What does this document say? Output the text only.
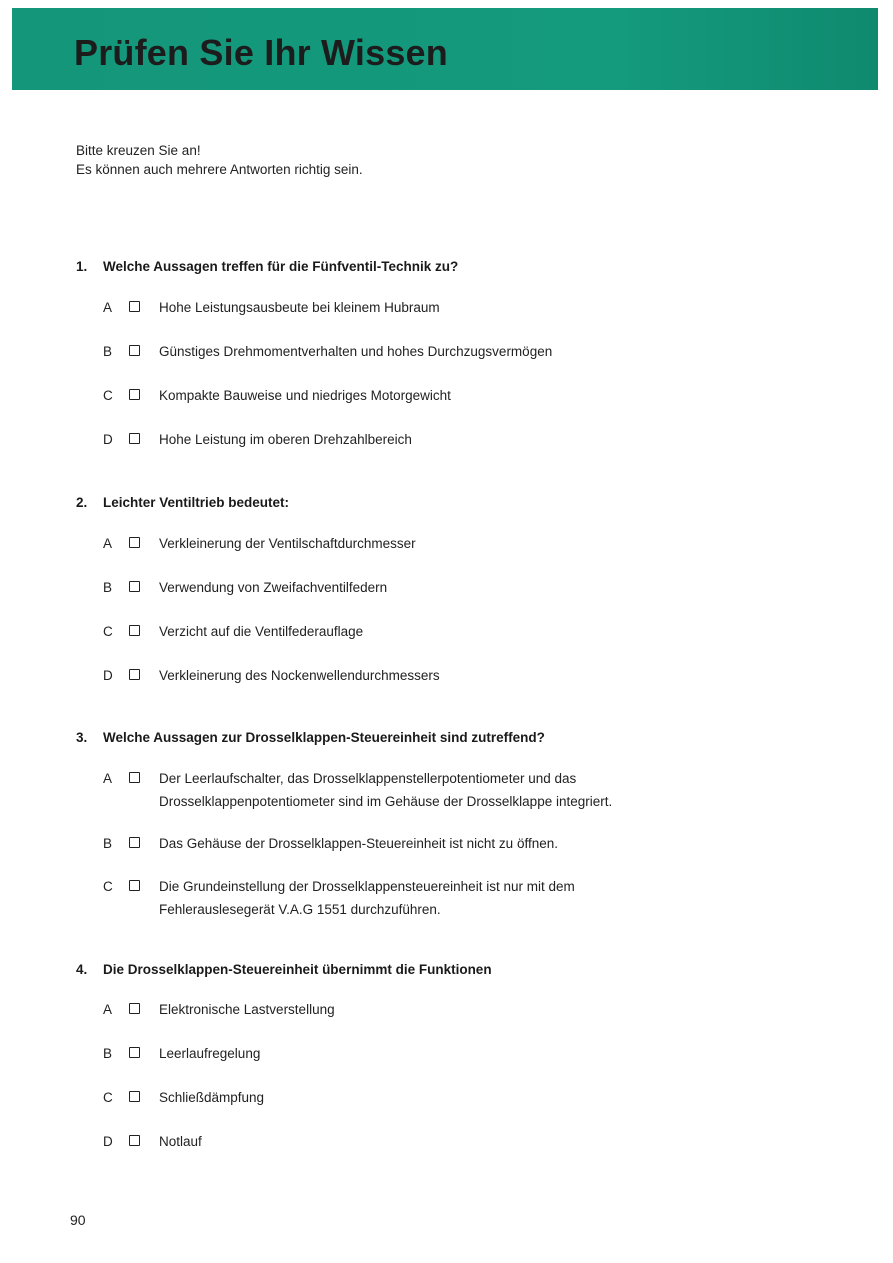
Prüfen Sie Ihr Wissen
Bitte kreuzen Sie an!
Es können auch mehrere Antworten richtig sein.
1. Welche Aussagen treffen für die Fünfventil-Technik zu?
A	Hohe Leistungsausbeute bei kleinem Hubraum
B	Günstiges Drehmomentverhalten und hohes Durchzugsvermögen
C	Kompakte Bauweise und niedriges Motorgewicht
D	Hohe Leistung im oberen Drehzahlbereich
2. Leichter Ventiltrieb bedeutet:
A	Verkleinerung der Ventilschaftdurchmesser
B	Verwendung von Zweifachventilfedern
C	Verzicht auf die Ventilfederauflage
D	Verkleinerung des Nockenwellendurchmessers
3. Welche Aussagen zur Drosselklappen-Steuereinheit sind zutreffend?
A	Der Leerlaufschalter, das Drosselklappenstellerpotentiometer und das
Drosselklappenpotentiometer sind im Gehäuse der Drosselklappe integriert.
B	Das Gehäuse der Drosselklappen-Steuereinheit ist nicht zu öffnen.
C	Die Grundeinstellung der Drosselklappensteuereinheit ist nur mit dem
Fehlerauslesegerät V.A.G 1551 durchzuführen.
4. Die Drosselklappen-Steuereinheit übernimmt die Funktionen
A	Elektronische Lastverstellung
B	Leerlaufregelung
C	Schließdämpfung
D	Notlauf
90
